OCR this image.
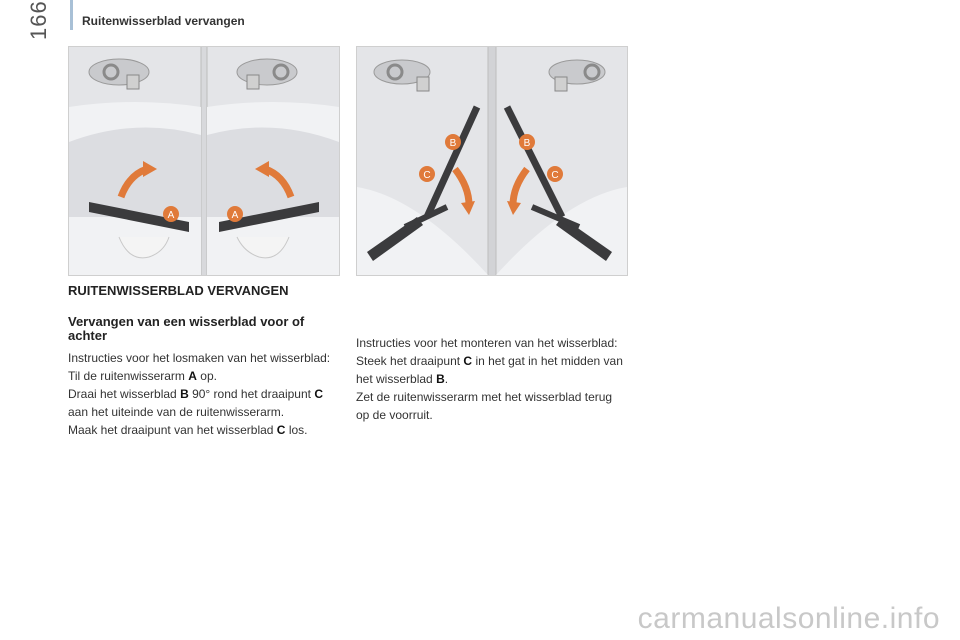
166	Ruitenwisserblad vervangen
A	A
B
C
B
C
RUITENWISSERBLAD VERVANGEN
Vervangen van een wisserblad voor of achter

Instructies voor het losmaken van het wisserblad:

Til de ruitenwisserarm A op.

Draai het wisserblad B 90° rond het draaipunt C aan het uiteinde van de ruitenwisserarm.

Maak het draaipunt van het wisserblad C los.

Instructies voor het monteren van het wisserblad:

Steek het draaipunt C in het gat in het midden van het wisserblad B.

Zet de ruitenwisserarm met het wisserblad terug op de voorruit.

carmanualsonline.info
